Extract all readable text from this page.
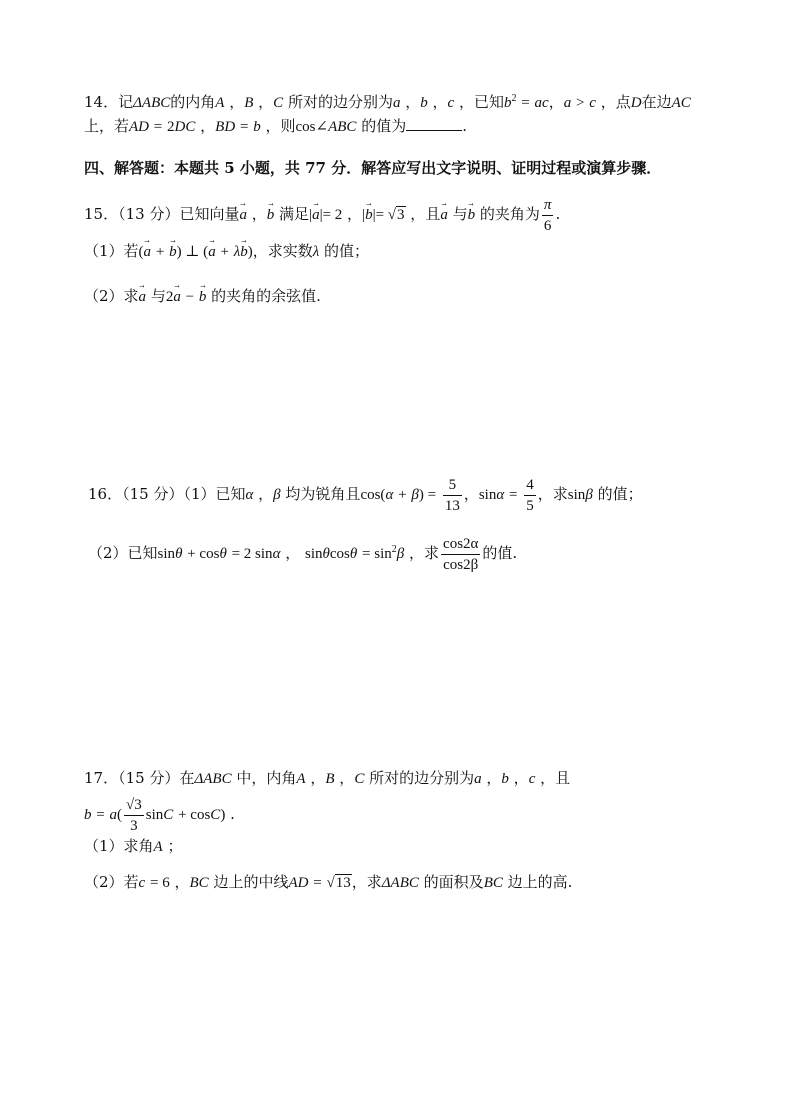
14．记ΔABC的内角A ，B ，C 所对的边分别为a ，b ，c ，已知$b^2$ = ac，a > c ，点D在边AC
上，若AD = 2DC ，BD = b ，则cos∠ABC 的值为	.
四、解答题：本题共 5 小题，共 77 分．解答应写出文字说明、证明过程或演算步骤．
15．（13 分）已知向量→ a ，→ b 满足|→ a|= 2 ，|→ b|= √3 ，且→ a 与→ b 的夹角为 $\frac{\pi}{6}$ .
（1）若(→ a + → b) ⊥ (→ a + λ→ b)，求实数λ 的值；
（2）求→ a 与2→ a − → b 的夹角的余弦值.
16．（15 分）（1）已知α ，β 均为锐角且$\cos(\alpha + \beta) = \frac{5}{13}$ ，$\sin\alpha = \frac{4}{5}$ ，求sinβ 的值；
（2）已知sinθ + cosθ = 2 sinα ， $\sin\theta\cos\theta = \sin^2\beta$ ，求 $\frac{\cos 2\alpha}{\cos 2\beta}$ 的值.
17．（15 分）在ΔABC 中，内角A ，B ，C 所对的边分别为a ，b ，c ，且
$b = a( \frac{√3}{3}$ sinC + cosC) .
（1）求角A ；
（2）若c = 6 ，BC 边上的中线AD = √13，求ΔABC 的面积及BC 边上的高.
